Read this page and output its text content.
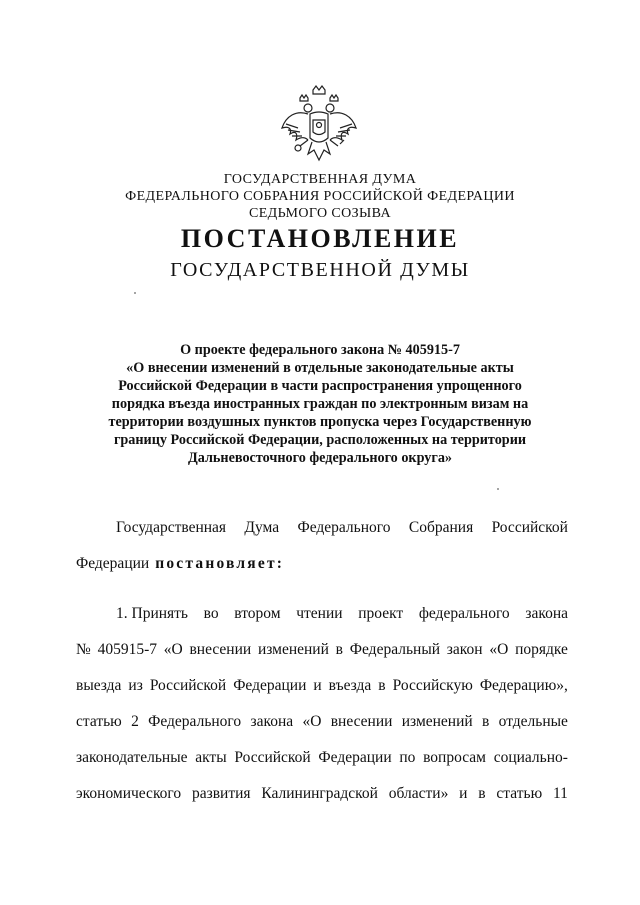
ГОСУДАРСТВЕННАЯ ДУМА
ФЕДЕРАЛЬНОГО СОБРАНИЯ РОССИЙСКОЙ ФЕДЕРАЦИИ
СЕДЬМОГО СОЗЫВА
ПОСТАНОВЛЕНИЕ
ГОСУДАРСТВЕННОЙ ДУМЫ
О проекте федерального закона № 405915-7
«О внесении изменений в отдельные законодательные акты
Российской Федерации в части распространения упрощенного
порядка въезда иностранных граждан по электронным визам на
территории воздушных пунктов пропуска через Государственную
границу Российской Федерации, расположенных на территории
Дальневосточного федерального округа»
Государственная Дума Федерального Собрания Российской
Федерации постановляет:
1. Принять во втором чтении проект федерального закона
№ 405915-7 «О внесении изменений в Федеральный закон «О порядке
выезда из Российской Федерации и въезда в Российскую Федерацию»,
статью 2 Федерального закона «О внесении изменений в отдельные
законодательные акты Российской Федерации по вопросам социально-
экономического развития Калининградской области» и в статью 11
